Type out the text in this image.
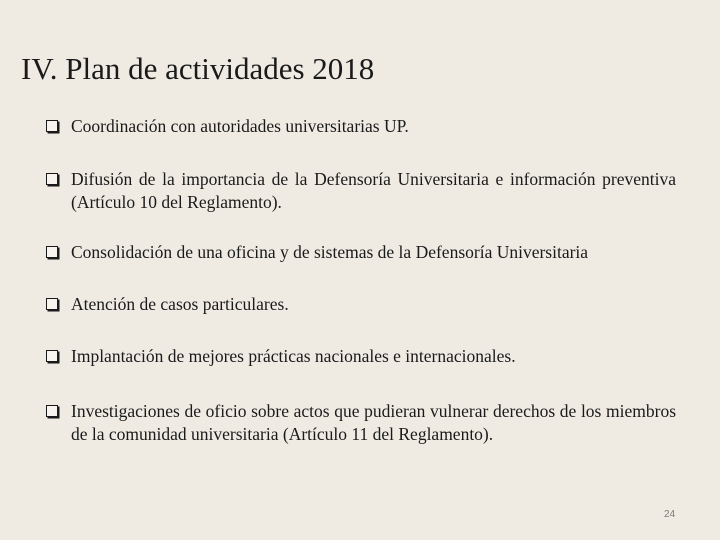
IV. Plan de actividades 2018
Coordinación con autoridades universitarias UP.
Difusión de la importancia de la Defensoría Universitaria e información preventiva (Artículo 10 del Reglamento).
Consolidación de una oficina y de sistemas de la Defensoría Universitaria
Atención de casos particulares.
Implantación de mejores prácticas nacionales e internacionales.
Investigaciones de oficio sobre actos que pudieran vulnerar derechos de los miembros de la comunidad universitaria (Artículo 11 del Reglamento).
24
